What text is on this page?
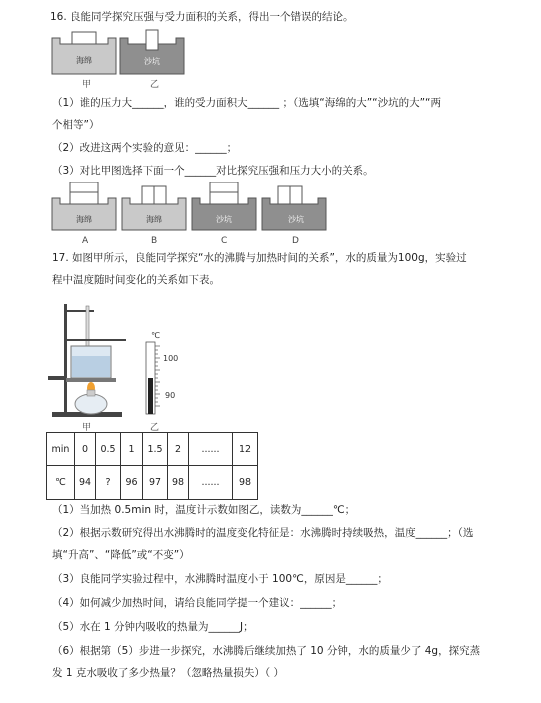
16. 良能同学探究压强与受力面积的关系，得出一个错误的结论。
海绵	沙坑
甲	乙
（1）谁的压力大______，谁的受力面积大______ ；（选填“海绵的大”“沙坑的大”“两
个相等”）
（2）改进这两个实验的意见：______；
（3）对比甲图选择下面一个______对比探究压强和压力大小的关系。
海绵	海绵	沙坑	沙坑
A	B	C	D
17. 如图甲所示，良能同学探究“水的沸腾与加热时间的关系”，水的质量为100g，实验过
程中温度随时间变化的关系如下表。
℃
100
90
甲	乙
min	0	0.5	1	1.5	2	......	12
℃	94	?	96	97	98	......	98
（1）当加热 0.5min 时，温度计示数如图乙，读数为______℃；
（2）根据示数研究得出水沸腾时的温度变化特征是：水沸腾时持续吸热，温度______；（选
填“升高”、“降低”或“不变”）
（3）良能同学实验过程中，水沸腾时温度小于 100℃，原因是______；
（4）如何减少加热时间，请给良能同学提一个建议：______；
（5）水在 1 分钟内吸收的热量为______J；
（6）根据第（5）步进一步探究，水沸腾后继续加热了 10 分钟，水的质量少了 4g，探究蒸
发 1 克水吸收了多少热量？（忽略热量损失）（ ）
